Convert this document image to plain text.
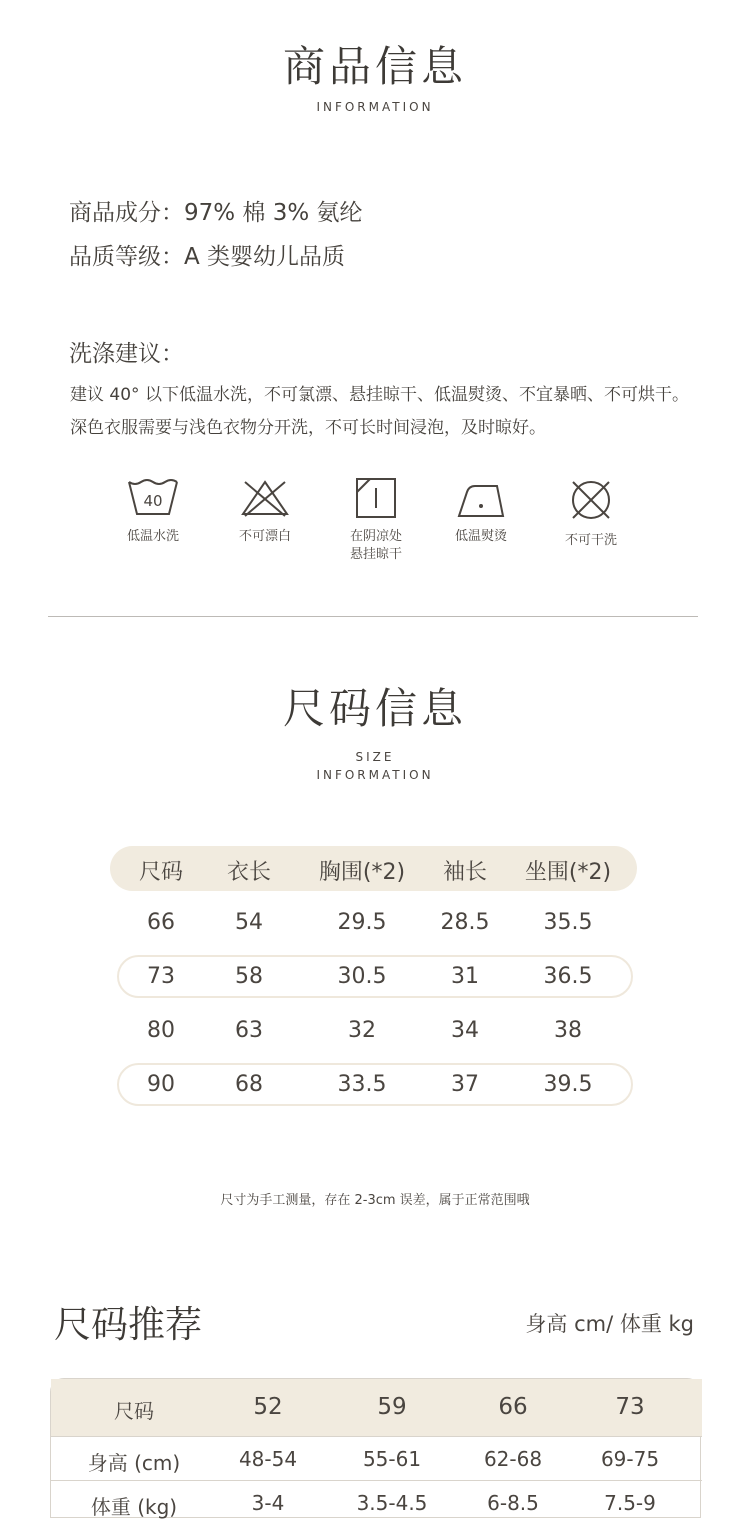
商品信息
INFORMATION
商品成分：97% 棉 3% 氨纶
品质等级：A 类婴幼儿品质
洗涤建议：
建议 40° 以下低温水洗，不可氯漂、悬挂晾干、低温熨烫、不宜暴晒、不可烘干。
深色衣服需要与浅色衣物分开洗，不可长时间浸泡，及时晾好。
40
低温水洗	不可漂白	在阴凉处
悬挂晾干
低温熨烫	不可干洗
尺码信息
SIZE
INFORMATION
尺码	衣长	胸围(*2)	袖长	坐围(*2)
66	54	29.5	28.5	35.5
73	58	30.5	31	36.5
80	63	32	34	38
90	68	33.5	37	39.5
尺寸为手工测量，存在 2-3cm 误差，属于正常范围哦
尺码推荐	身高 cm/ 体重 kg
尺码	52	59	66	73
身高 (cm)	48-54	55-61	62-68	69-75
体重 (kg)	3-4	3.5-4.5	6-8.5	7.5-9
